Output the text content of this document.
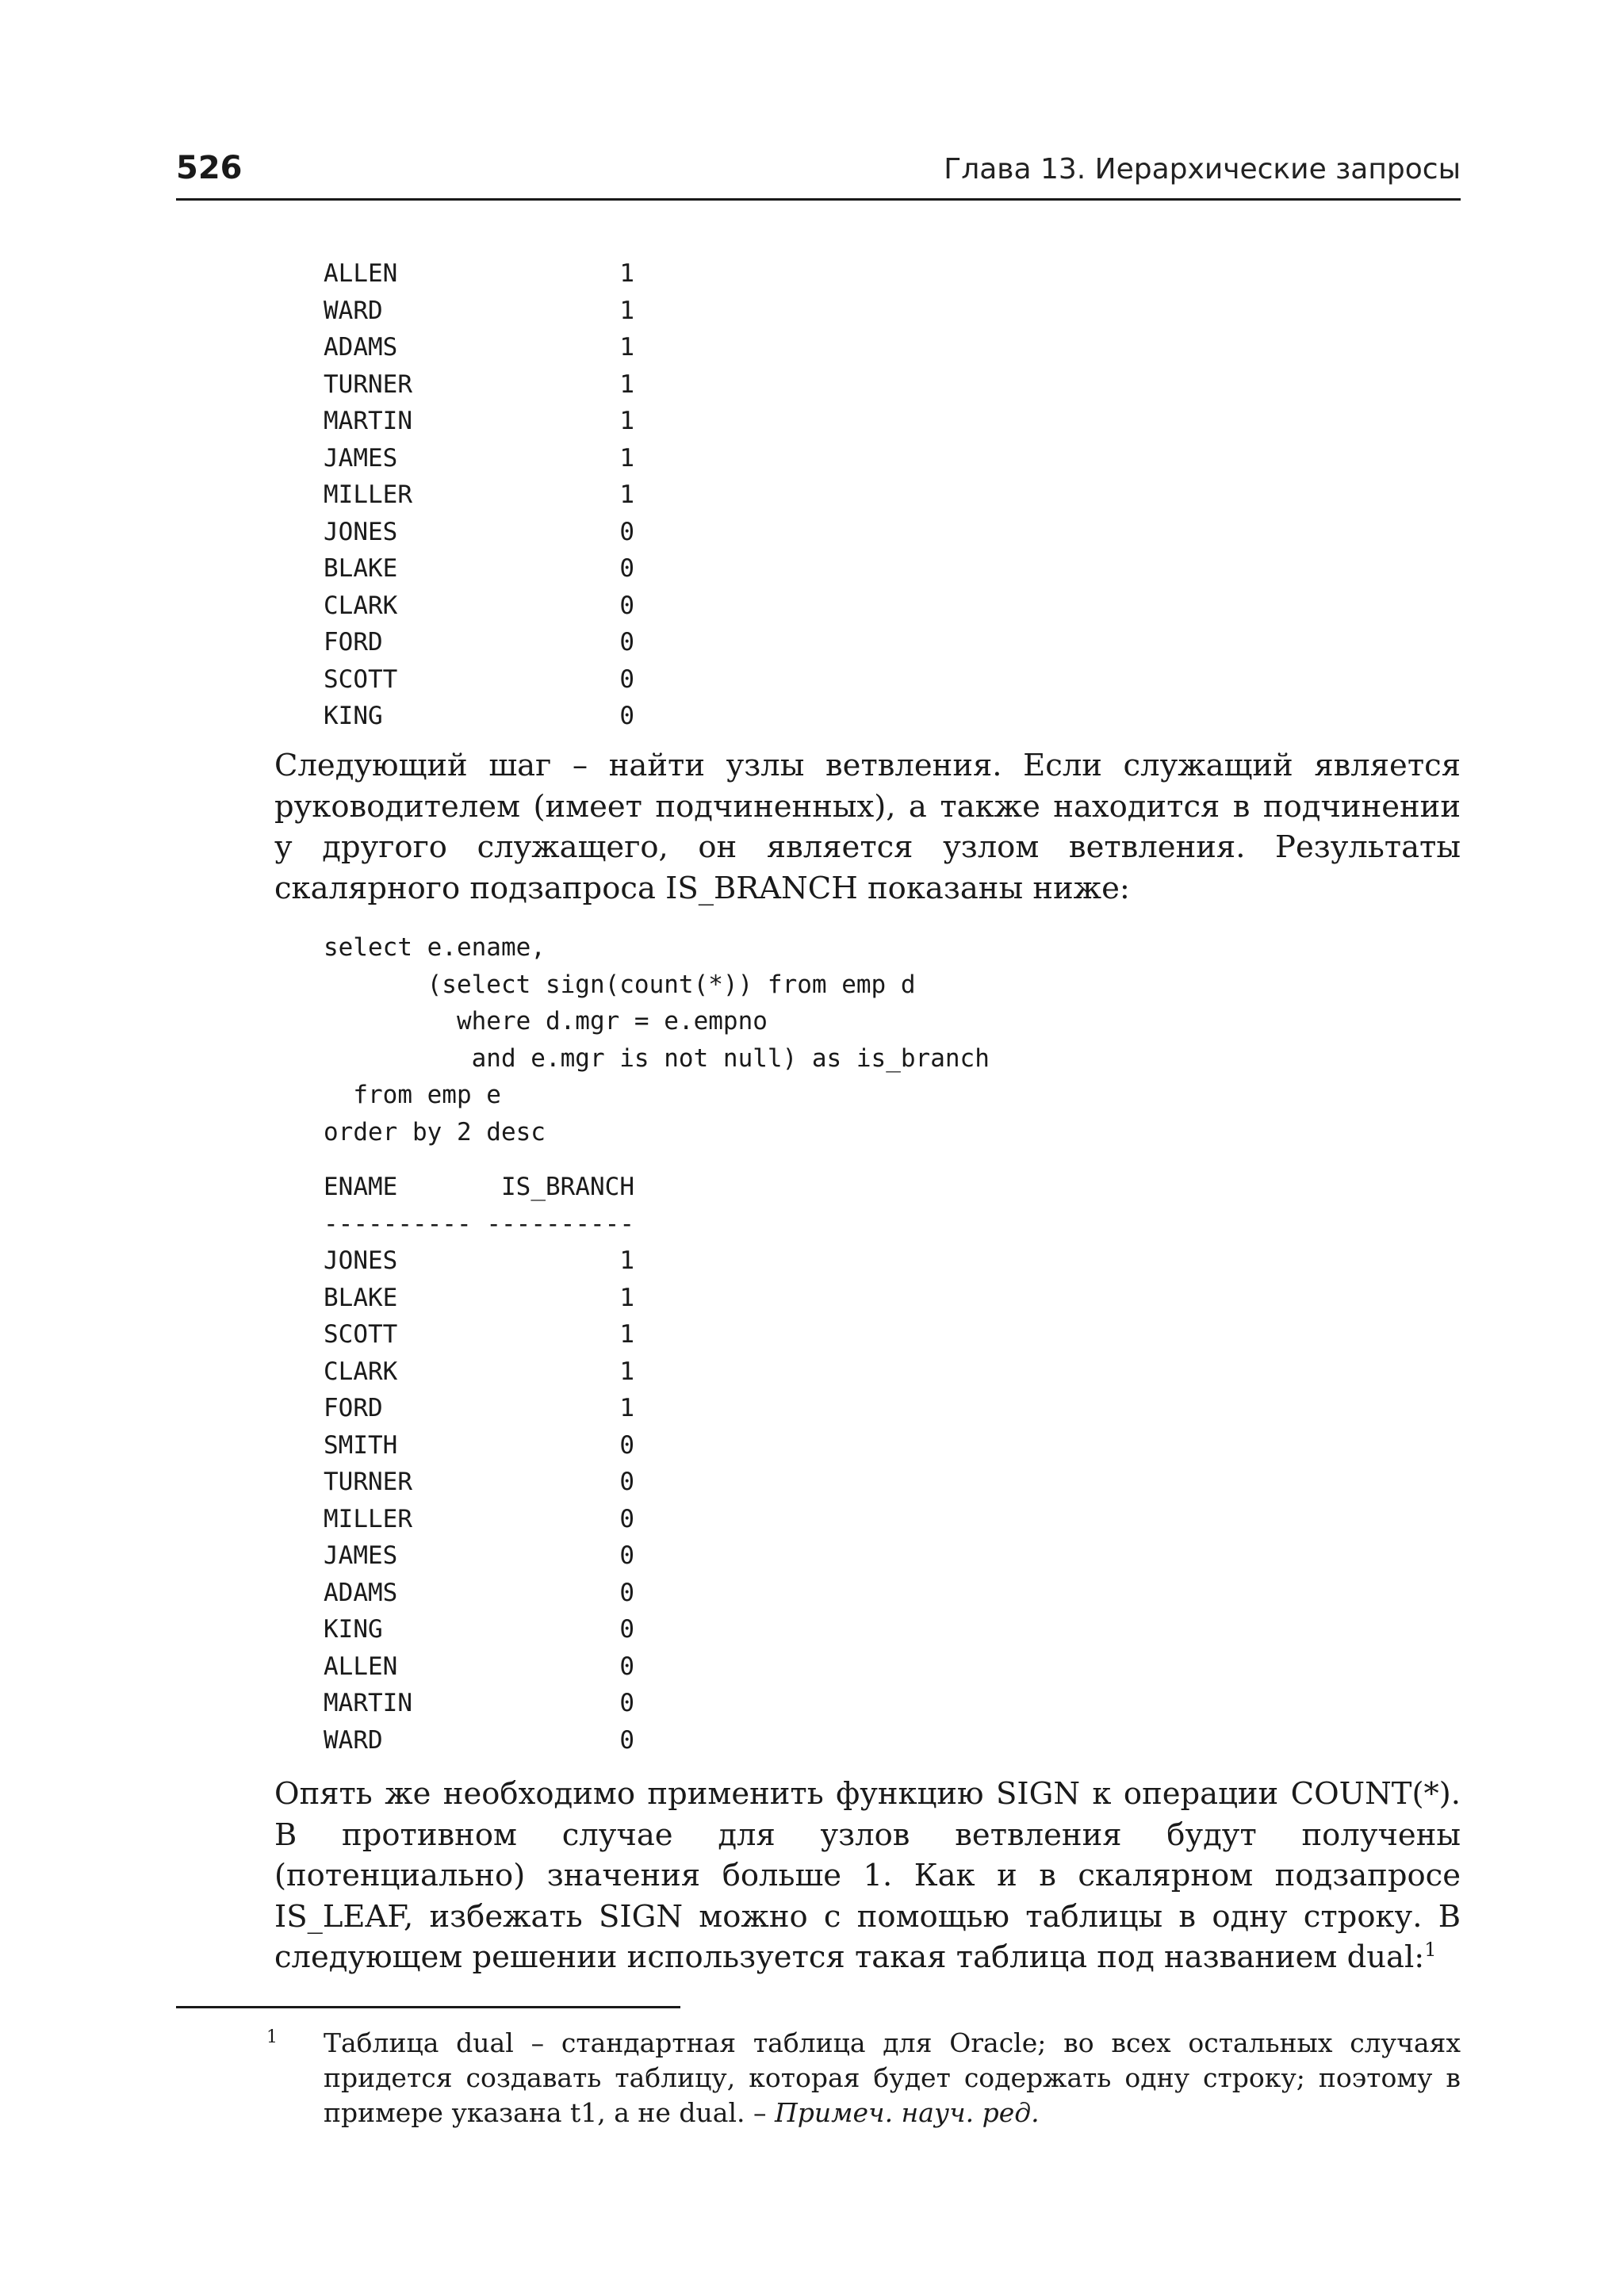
526	Глава 13. Иерархические запросы
ALLEN	1
WARD	1
ADAMS	1
TURNER	1
MARTIN	1
JAMES	1
MILLER	1
JONES	0
BLAKE	0
CLARK	0
FORD	0
SCOTT	0
KING	0

Следующий шаг – найти узлы ветвления. Если служащий является руководителем (имеет подчиненных), а также находится в подчинении у другого служащего, он является узлом ветвления. Результаты скалярного подзапроса IS_BRANCH показаны ниже:

select e.ename,
(select sign(count(*)) from emp d
where d.mgr = e.empno
and e.mgr is not null) as is_branch
from emp e
order by 2 desc
ENAME	IS_BRANCH
---------- ----------
JONES	1
BLAKE	1
SCOTT	1
CLARK	1
FORD	1
SMITH	0
TURNER	0
MILLER	0
JAMES	0
ADAMS	0
KING	0
ALLEN	0
MARTIN	0
WARD	0

Опять же необходимо применить функцию SIGN к операции COUNT(*). В противном случае для узлов ветвления будут получены (потенциально) значения больше 1. Как и в скалярном подзапросе IS_LEAF, избежать SIGN можно с помощью таблицы в одну строку. В следующем решении используется такая таблица под названием dual:$^1$

1 Таблица dual – стандартная таблица для Oracle; во всех остальных случаях придется создавать таблицу, которая будет содержать одну строку; поэтому в примере указана t1, а не dual. – Примеч. науч. ред.
